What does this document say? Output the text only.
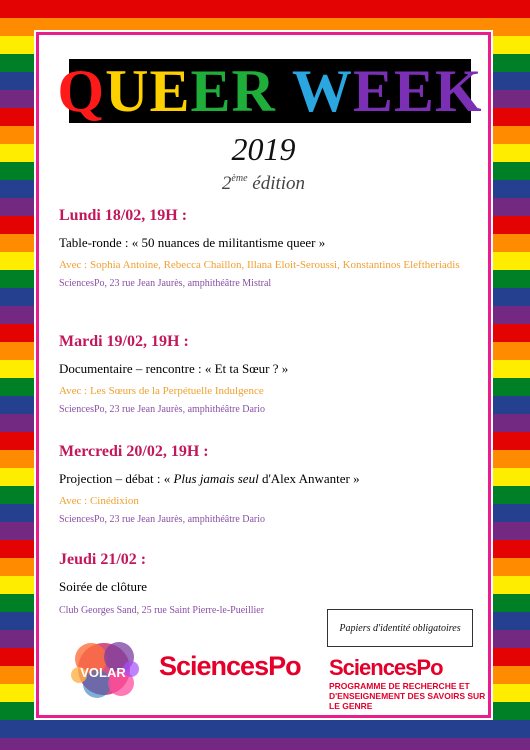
Q U E E R
W E E K
2019
2ème édition
Lundi 18/02, 19H :
Table-ronde : « 50 nuances de militantisme queer »
Avec : Sophia Antoine, Rebecca Chaillon, Illana Eloit-Seroussi, Konstantinos Eleftheriadis
SciencesPo, 23 rue Jean Jaurès, amphithéâtre Mistral
Mardi 19/02, 19H :
Documentaire – rencontre : « Et ta Sœur ? »
Avec : Les Sœurs de la Perpétuelle Indulgence
SciencesPo, 23 rue Jean Jaurès, amphithéâtre Dario
Mercredi 20/02, 19H :
Projection – débat : « Plus jamais seul d'Alex Anwanter »
Avec : Cinédixion
SciencesPo, 23 rue Jean Jaurès, amphithéâtre Dario
Jeudi 21/02 :
Soirée de clôture
Club Georges Sand, 25 rue Saint Pierre-le-Pueillier
Papiers d'identité obligatoires
VOLAR	SciencesPo SciencesPo
PROGRAMME DE RECHERCHE ET D'ENSEIGNEMENT DES SAVOIRS SUR LE GENRE
